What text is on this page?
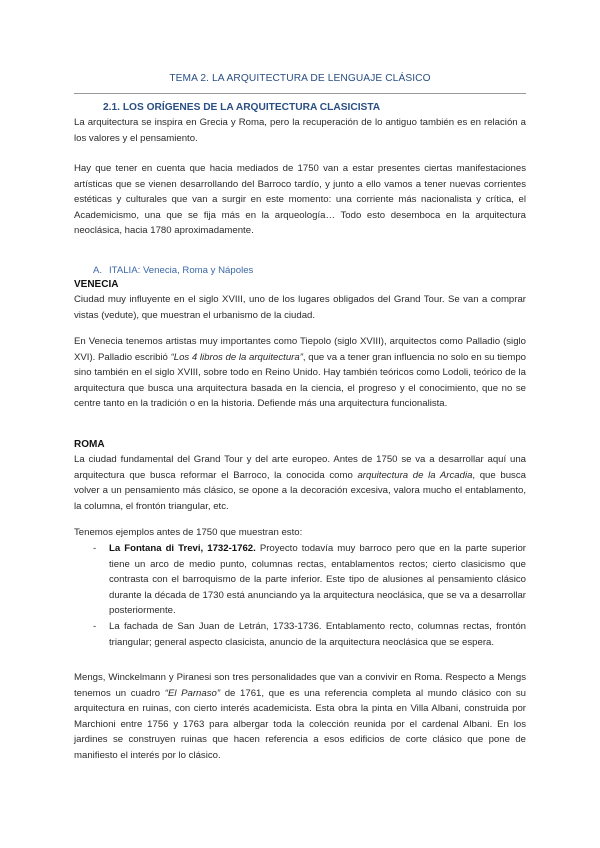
TEMA 2. LA ARQUITECTURA DE LENGUAJE CLÁSICO
2.1. LOS ORÍGENES DE LA ARQUITECTURA CLASICISTA

La arquitectura se inspira en Grecia y Roma, pero la recuperación de lo antiguo también es en relación a los valores y el pensamiento.

Hay que tener en cuenta que hacia mediados de 1750 van a estar presentes ciertas manifestaciones artísticas que se vienen desarrollando del Barroco tardío, y junto a ello vamos a tener nuevas corrientes estéticas y culturales que van a surgir en este momento: una corriente más nacionalista y crítica, el Academicismo, una que se fija más en la arqueología… Todo esto desemboca en la arquitectura neoclásica, hacia 1780 aproximadamente.

A. ITALIA: Venecia, Roma y Nápoles
VENECIA

Ciudad muy influyente en el siglo XVIII, uno de los lugares obligados del Grand Tour. Se van a comprar vistas (vedute), que muestran el urbanismo de la ciudad.

En Venecia tenemos artistas muy importantes como Tiepolo (siglo XVIII), arquitectos como Palladio (siglo XVI). Palladio escribió “Los 4 libros de la arquitectura”, que va a tener gran influencia no solo en su tiempo sino también en el siglo XVIII, sobre todo en Reino Unido. Hay también teóricos como Lodoli, teórico de la arquitectura que busca una arquitectura basada en la ciencia, el progreso y el conocimiento, que no se centre tanto en la tradición o en la historia. Defiende más una arquitectura funcionalista.

ROMA

La ciudad fundamental del Grand Tour y del arte europeo. Antes de 1750 se va a desarrollar aquí una arquitectura que busca reformar el Barroco, la conocida como arquitectura de la Arcadia, que busca volver a un pensamiento más clásico, se opone a la decoración excesiva, valora mucho el entablamento, la columna, el frontón triangular, etc.

Tenemos ejemplos antes de 1750 que muestran esto:

- La Fontana di Trevi, 1732-1762. Proyecto todavía muy barroco pero que en la parte superior tiene un arco de medio punto, columnas rectas, entablamentos rectos; cierto clasicismo que contrasta con el barroquismo de la parte inferior. Este tipo de alusiones al pensamiento clásico durante la década de 1730 está anunciando ya la arquitectura neoclásica, que se va a desarrollar posteriormente.
- La fachada de San Juan de Letrán, 1733-1736. Entablamento recto, columnas rectas, frontón triangular; general aspecto clasicista, anuncio de la arquitectura neoclásica que se espera.

Mengs, Winckelmann y Piranesi son tres personalidades que van a convivir en Roma. Respecto a Mengs tenemos un cuadro “El Parnaso” de 1761, que es una referencia completa al mundo clásico con su arquitectura en ruinas, con cierto interés academicista. Esta obra la pinta en Villa Albani, construida por Marchioni entre 1756 y 1763 para albergar toda la colección reunida por el cardenal Albani. En los jardines se construyen ruinas que hacen referencia a esos edificios de corte clásico que pone de manifiesto el interés por lo clásico.
